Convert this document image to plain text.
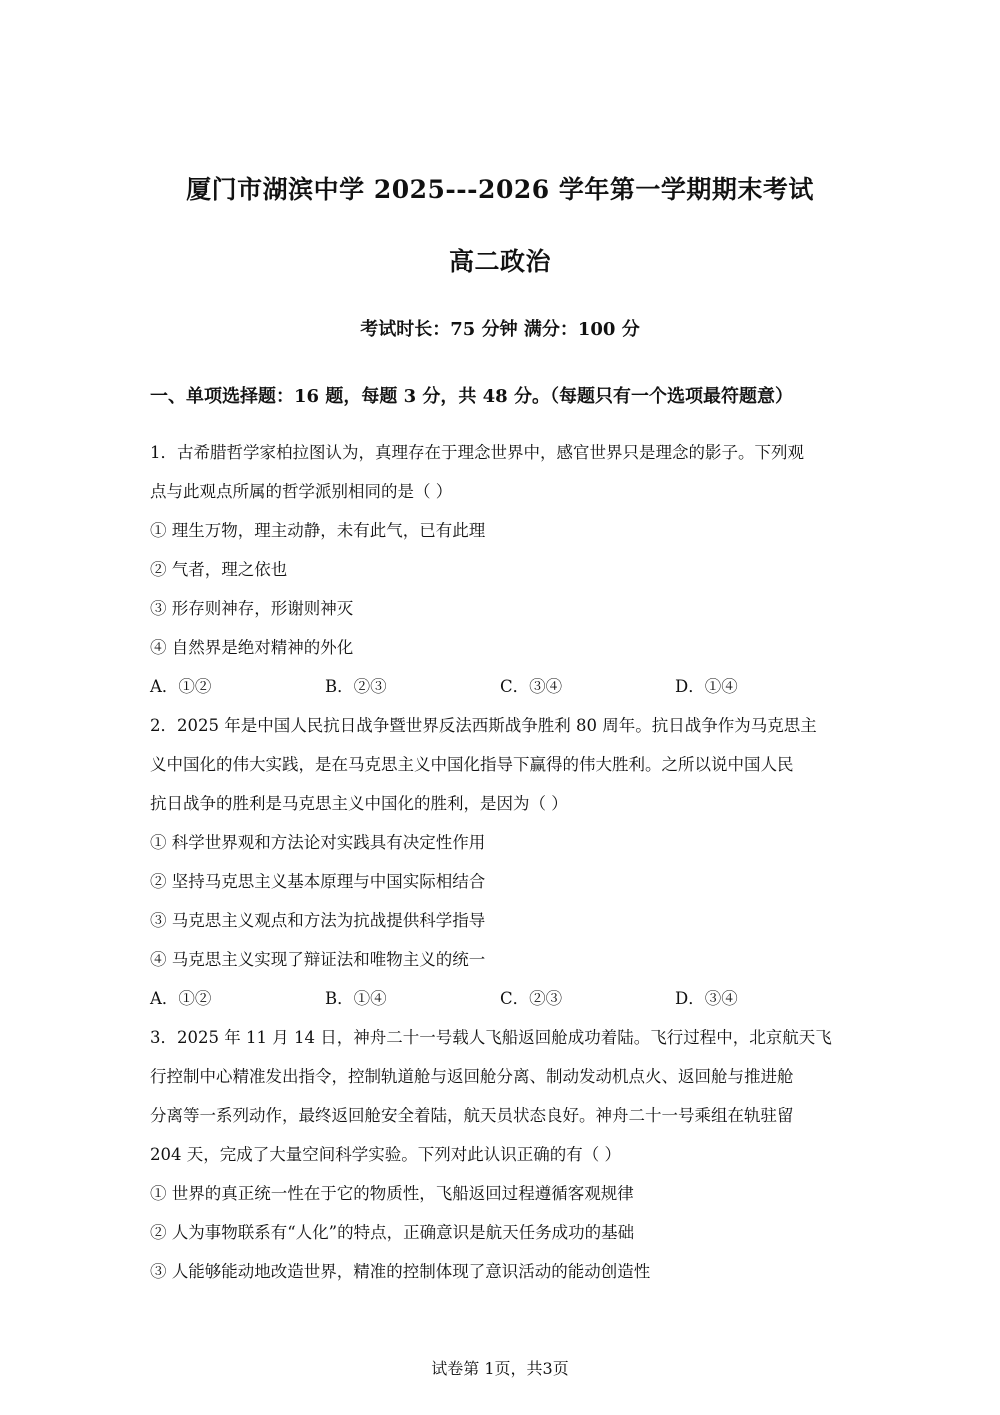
厦门市湖滨中学 2025---2026 学年第一学期期末考试
高二政治
考试时长：75 分钟 满分：100 分
一、单项选择题：16 题，每题 3 分，共 48 分。（每题只有一个选项最符题意）
1．古希腊哲学家柏拉图认为，真理存在于理念世界中，感官世界只是理念的影子。下列观
点与此观点所属的哲学派别相同的是（ ）
① 理生万物，理主动静，未有此气，已有此理
② 气者，理之依也
③ 形存则神存，形谢则神灭
④ 自然界是绝对精神的外化
A．①②	B．②③	C．③④	D．①④
2．2025 年是中国人民抗日战争暨世界反法西斯战争胜利 80 周年。抗日战争作为马克思主
义中国化的伟大实践，是在马克思主义中国化指导下赢得的伟大胜利。之所以说中国人民
抗日战争的胜利是马克思主义中国化的胜利，是因为（ ）
① 科学世界观和方法论对实践具有决定性作用
② 坚持马克思主义基本原理与中国实际相结合
③ 马克思主义观点和方法为抗战提供科学指导
④ 马克思主义实现了辩证法和唯物主义的统一
A．①②	B．①④	C．②③	D．③④
3．2025 年 11 月 14 日，神舟二十一号载人飞船返回舱成功着陆。飞行过程中，北京航天飞
行控制中心精准发出指令，控制轨道舱与返回舱分离、制动发动机点火、返回舱与推进舱
分离等一系列动作，最终返回舱安全着陆，航天员状态良好。神舟二十一号乘组在轨驻留
204 天，完成了大量空间科学实验。下列对此认识正确的有（ ）
① 世界的真正统一性在于它的物质性，飞船返回过程遵循客观规律
② 人为事物联系有“人化”的特点，正确意识是航天任务成功的基础
③ 人能够能动地改造世界，精准的控制体现了意识活动的能动创造性
试卷第 1页，共3页
